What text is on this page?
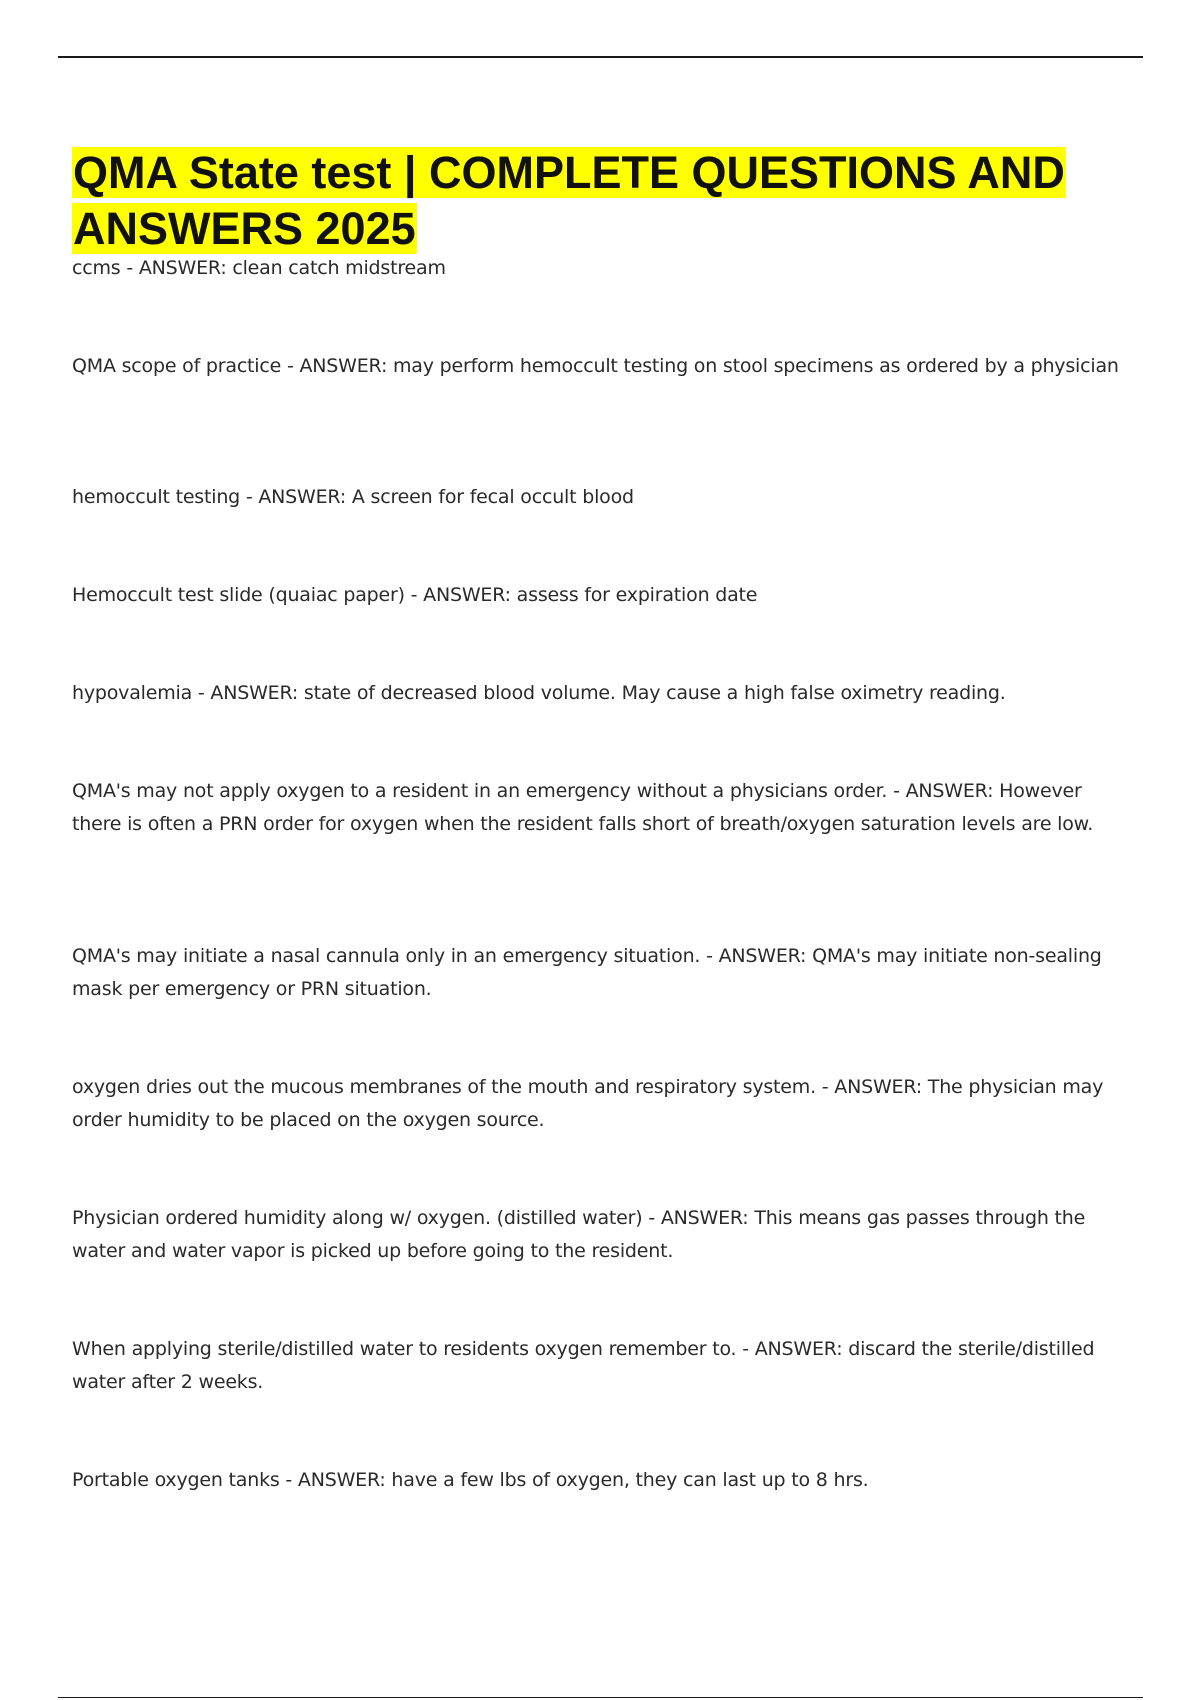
QMA State test | COMPLETE QUESTIONS AND ANSWERS 2025

ccms - ANSWER: clean catch midstream

QMA scope of practice - ANSWER: may perform hemoccult testing on stool specimens as ordered by a physician

hemoccult testing - ANSWER: A screen for fecal occult blood

Hemoccult test slide (quaiac paper) - ANSWER: assess for expiration date

hypovalemia - ANSWER: state of decreased blood volume. May cause a high false oximetry reading.

QMA's may not apply oxygen to a resident in an emergency without a physicians order. - ANSWER: However there is often a PRN order for oxygen when the resident falls short of breath/oxygen saturation levels are low.

QMA's may initiate a nasal cannula only in an emergency situation. - ANSWER: QMA's may initiate non-sealing mask per emergency or PRN situation.

oxygen dries out the mucous membranes of the mouth and respiratory system. - ANSWER: The physician may order humidity to be placed on the oxygen source.

Physician ordered humidity along w/ oxygen. (distilled water) - ANSWER: This means gas passes through the water and water vapor is picked up before going to the resident.

When applying sterile/distilled water to residents oxygen remember to. - ANSWER: discard the sterile/distilled water after 2 weeks.

Portable oxygen tanks - ANSWER: have a few lbs of oxygen, they can last up to 8 hrs.
